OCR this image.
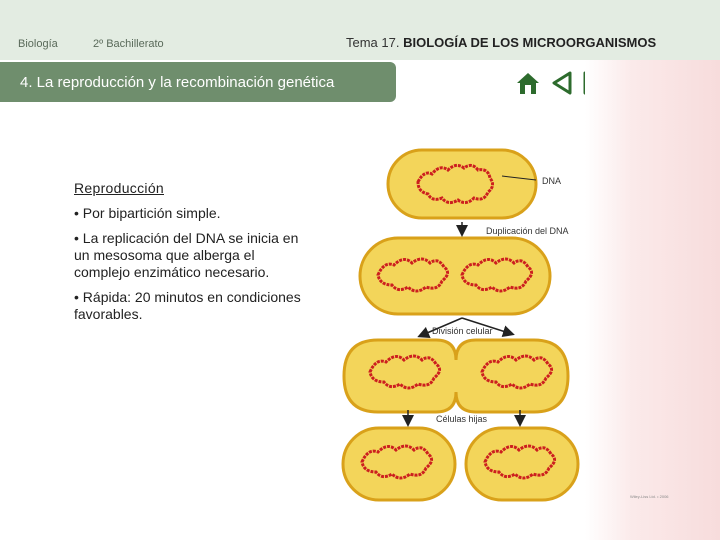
Biología	2º Bachillerato	Tema 17. BIOLOGÍA DE LOS MICROORGANISMOS
4. La reproducción y la recombinación genética
Reproducción
• Por bipartición simple.
• La replicación del DNA se inicia en un mesosoma que alberga el complejo enzimático necesario.
• Rápida: 20 minutos en condiciones favorables.
DNA
Duplicación del DNA
División celular
Células hijas
Wiley-Liss Ltd. • 2006
